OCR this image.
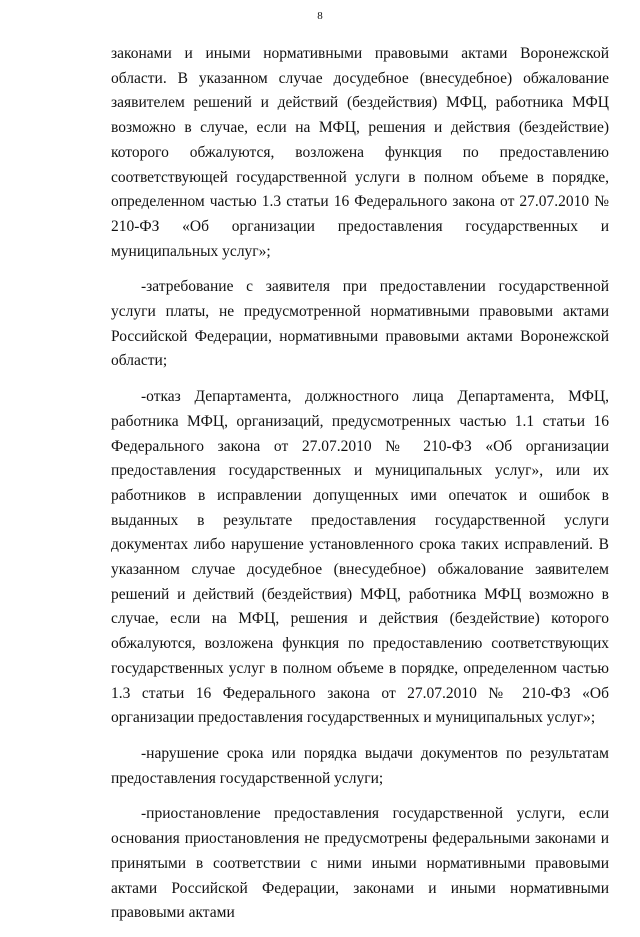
8

законами и иными нормативными правовыми актами Воронежской области. В указанном случае досудебное (внесудебное) обжалование заявителем решений и действий (бездействия) МФЦ, работника МФЦ возможно в случае, если на МФЦ, решения и действия (бездействие) которого обжалуются, возложена функция по предоставлению соответствующей государственной услуги в полном объеме в порядке, определенном частью 1.3 статьи 16 Федерального закона от 27.07.2010 № 210-ФЗ «Об организации предоставления государственных и муниципальных услуг»;

-затребование с заявителя при предоставлении государственной услуги платы, не предусмотренной нормативными правовыми актами Российской Федерации, нормативными правовыми актами Воронежской области;

-отказ Департамента, должностного лица Департамента, МФЦ, работника МФЦ, организаций, предусмотренных частью 1.1 статьи 16 Федерального закона от 27.07.2010 № 210-ФЗ «Об организации предоставления государственных и муниципальных услуг», или их работников в исправлении допущенных ими опечаток и ошибок в выданных в результате предоставления государственной услуги документах либо нарушение установленного срока таких исправлений. В указанном случае досудебное (внесудебное) обжалование заявителем решений и действий (бездействия) МФЦ, работника МФЦ возможно в случае, если на МФЦ, решения и действия (бездействие) которого обжалуются, возложена функция по предоставлению соответствующих государственных услуг в полном объеме в порядке, определенном частью 1.3 статьи 16 Федерального закона от 27.07.2010 № 210-ФЗ «Об организации предоставления государственных и муниципальных услуг»;

-нарушение срока или порядка выдачи документов по результатам предоставления государственной услуги;

-приостановление предоставления государственной услуги, если основания приостановления не предусмотрены федеральными законами и принятыми в соответствии с ними иными нормативными правовыми актами Российской Федерации, законами и иными нормативными правовыми актами
